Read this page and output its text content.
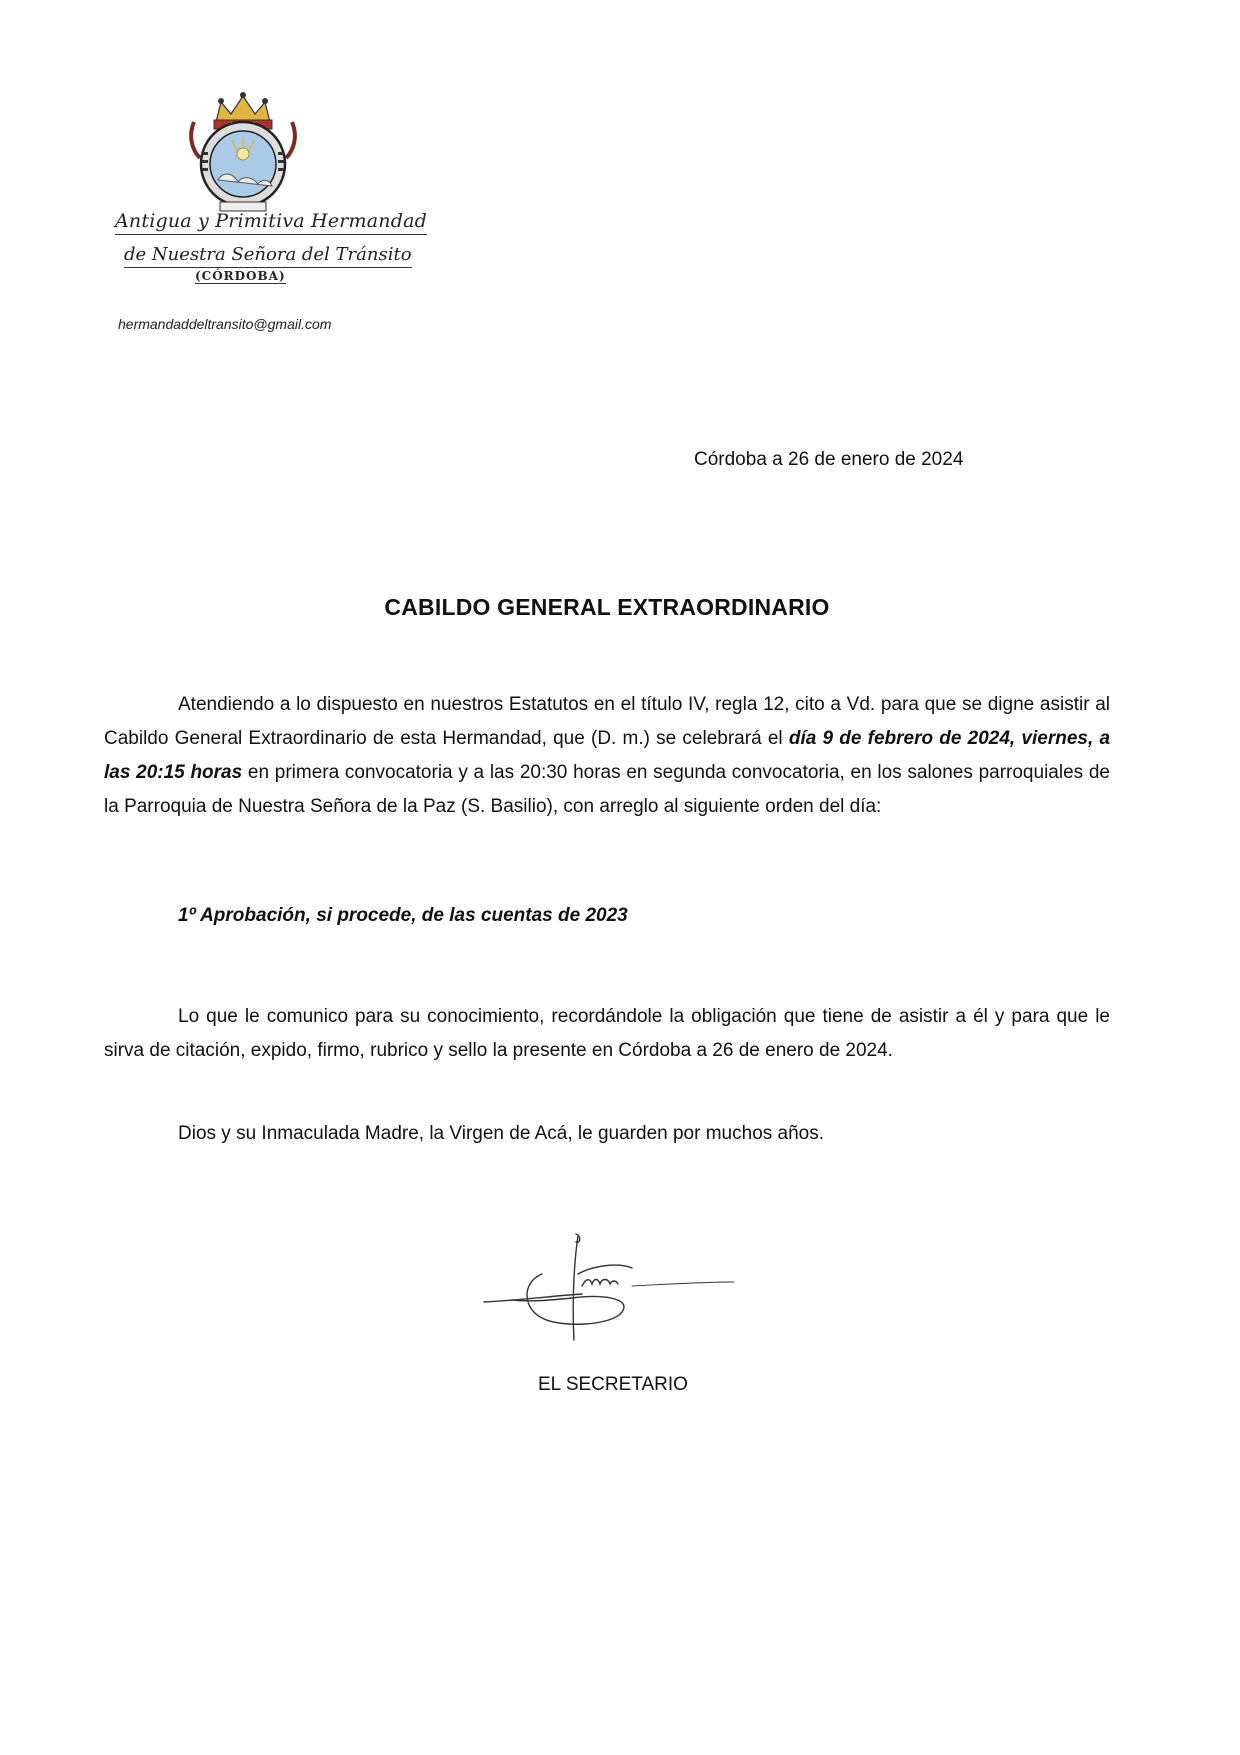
Antigua y Primitiva Hermandad
de Nuestra Señora del Tránsito
(CÓRDOBA)
hermandaddeltransito@gmail.com
Córdoba a 26 de enero de 2024
CABILDO GENERAL EXTRAORDINARIO
Atendiendo a lo dispuesto en nuestros Estatutos en el título IV, regla 12, cito a Vd. para que se digne asistir al Cabildo General Extraordinario de esta Hermandad, que (D. m.) se celebrará el día 9 de febrero de 2024, viernes, a las 20:15 horas en primera convocatoria y a las 20:30 horas en segunda convocatoria, en los salones parroquiales de la Parroquia de Nuestra Señora de la Paz (S. Basilio), con arreglo al siguiente orden del día:
1º Aprobación, si procede, de las cuentas de 2023
Lo que le comunico para su conocimiento, recordándole la obligación que tiene de asistir a él y para que le sirva de citación, expido, firmo, rubrico y sello la presente en Córdoba a 26 de enero de 2024.
Dios y su Inmaculada Madre, la Virgen de Acá, le guarden por muchos años.
EL SECRETARIO
